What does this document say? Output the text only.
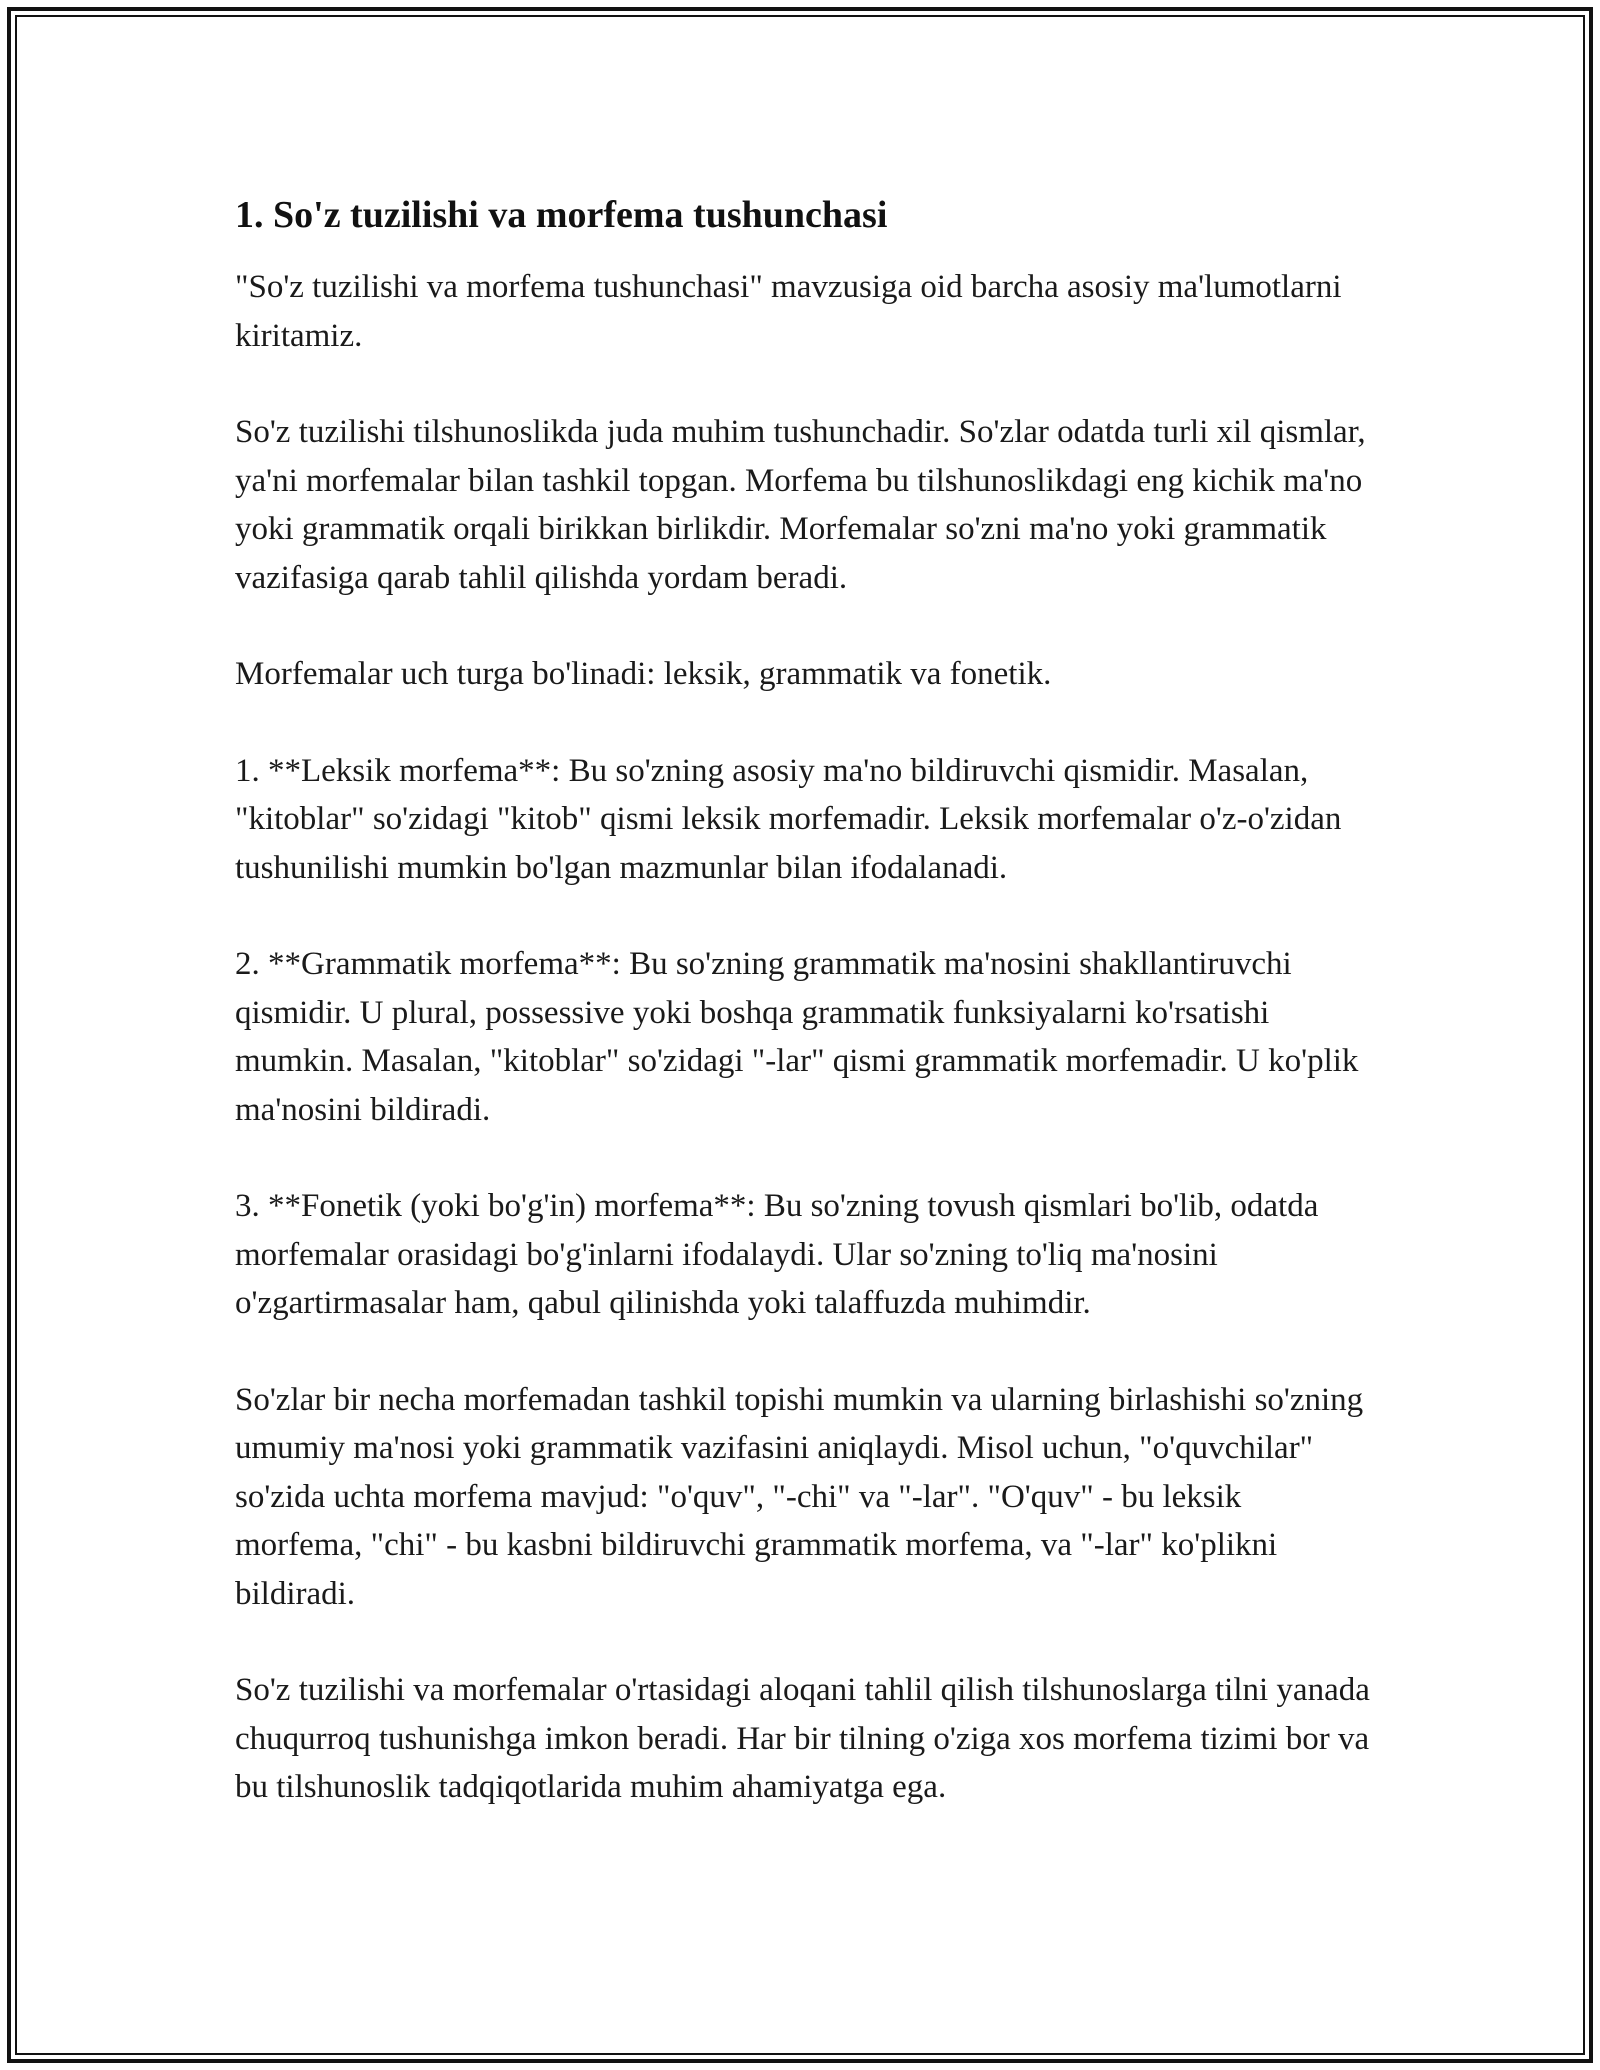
1. So'z tuzilishi va morfema tushunchasi

"So'z tuzilishi va morfema tushunchasi" mavzusiga oid barcha asosiy ma'lumotlarni kiritamiz.

So'z tuzilishi tilshunoslikda juda muhim tushunchadir. So'zlar odatda turli xil qismlar, ya'ni morfemalar bilan tashkil topgan. Morfema bu tilshunoslikdagi eng kichik ma'no yoki grammatik orqali birikkan birlikdir. Morfemalar so'zni ma'no yoki grammatik vazifasiga qarab tahlil qilishda yordam beradi.

Morfemalar uch turga bo'linadi: leksik, grammatik va fonetik.

1. **Leksik morfema**: Bu so'zning asosiy ma'no bildiruvchi qismidir. Masalan, "kitoblar" so'zidagi "kitob" qismi leksik morfemadir. Leksik morfemalar o'z-o'zidan tushunilishi mumkin bo'lgan mazmunlar bilan ifodalanadi.

2. **Grammatik morfema**: Bu so'zning grammatik ma'nosini shakllantiruvchi qismidir. U plural, possessive yoki boshqa grammatik funksiyalarni ko'rsatishi mumkin. Masalan, "kitoblar" so'zidagi "-lar" qismi grammatik morfemadir. U ko'plik ma'nosini bildiradi.

3. **Fonetik (yoki bo'g'in) morfema**: Bu so'zning tovush qismlari bo'lib, odatda morfemalar orasidagi bo'g'inlarni ifodalaydi. Ular so'zning to'liq ma'nosini o'zgartirmasalar ham, qabul qilinishda yoki talaffuzda muhimdir.

So'zlar bir necha morfemadan tashkil topishi mumkin va ularning birlashishi so'zning umumiy ma'nosi yoki grammatik vazifasini aniqlaydi. Misol uchun, "o'quvchilar" so'zida uchta morfema mavjud: "o'quv", "-chi" va "-lar". "O'quv" - bu leksik morfema, "chi" - bu kasbni bildiruvchi grammatik morfema, va "-lar" ko'plikni bildiradi.

So'z tuzilishi va morfemalar o'rtasidagi aloqani tahlil qilish tilshunoslarga tilni yanada chuqurroq tushunishga imkon beradi. Har bir tilning o'ziga xos morfema tizimi bor va bu tilshunoslik tadqiqotlarida muhim ahamiyatga ega.
